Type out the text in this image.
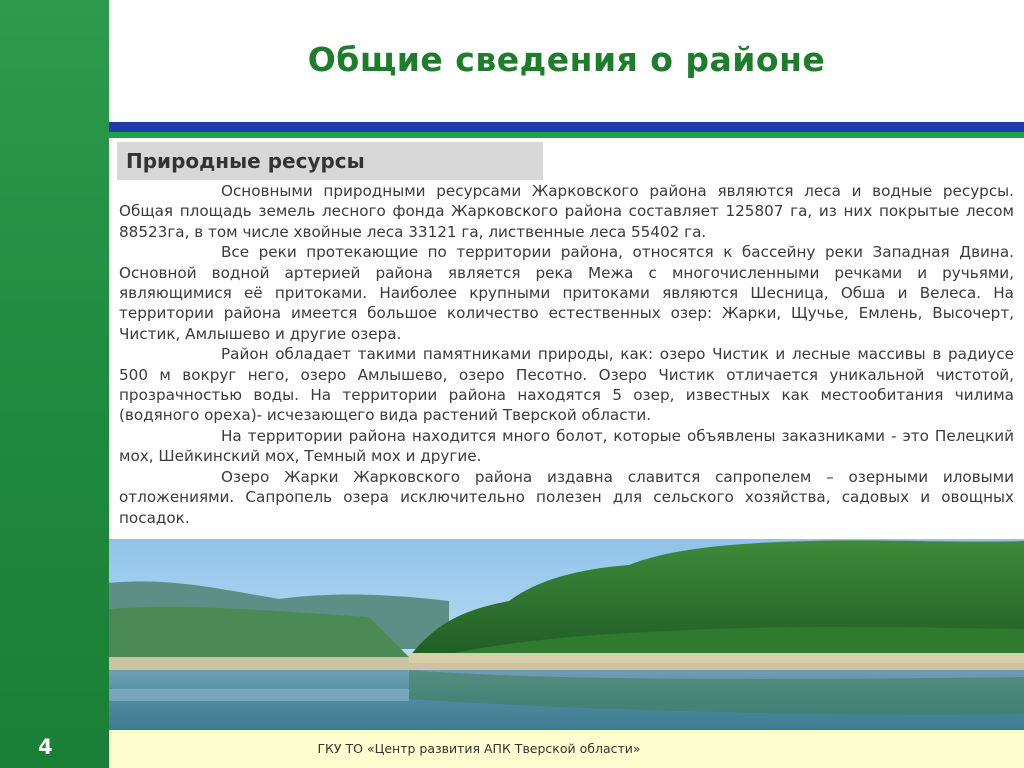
4
Общие сведения о районе
Природные ресурсы

Основными природными ресурсами Жарковского района являются леса и водные ресурсы. Общая площадь земель лесного фонда Жарковского района составляет 125807 га, из них покрытые лесом 88523га, в том числе хвойные леса 33121 га, лиственные леса 55402 га.

Все реки протекающие по территории района, относятся к бассейну реки Западная Двина. Основной водной артерией района является река Межа с многочисленными речками и ручьями, являющимися её притоками. Наиболее крупными притоками являются Шесница, Обша и Велеса. На территории района имеется большое количество естественных озер: Жарки, Щучье, Емлень, Высочерт, Чистик, Амлышево и другие озера.

Район обладает такими памятниками природы, как: озеро Чистик и лесные массивы в радиусе 500 м вокруг него, озеро Амлышево, озеро Песотно. Озеро Чистик отличается уникальной чистотой, прозрачностью воды. На территории района находятся 5 озер, известных как местообитания чилима (водяного ореха)- исчезающего вида растений Тверской области.

На территории района находится много болот, которые объявлены заказниками - это Пелецкий мох, Шейкинский мох, Темный мох и другие.

Озеро Жарки Жарковского района издавна славится сапропелем – озерными иловыми отложениями. Сапропель озера исключительно полезен для сельского хозяйства, садовых и овощных посадок.

ГКУ ТО «Центр развития АПК Тверской области»
